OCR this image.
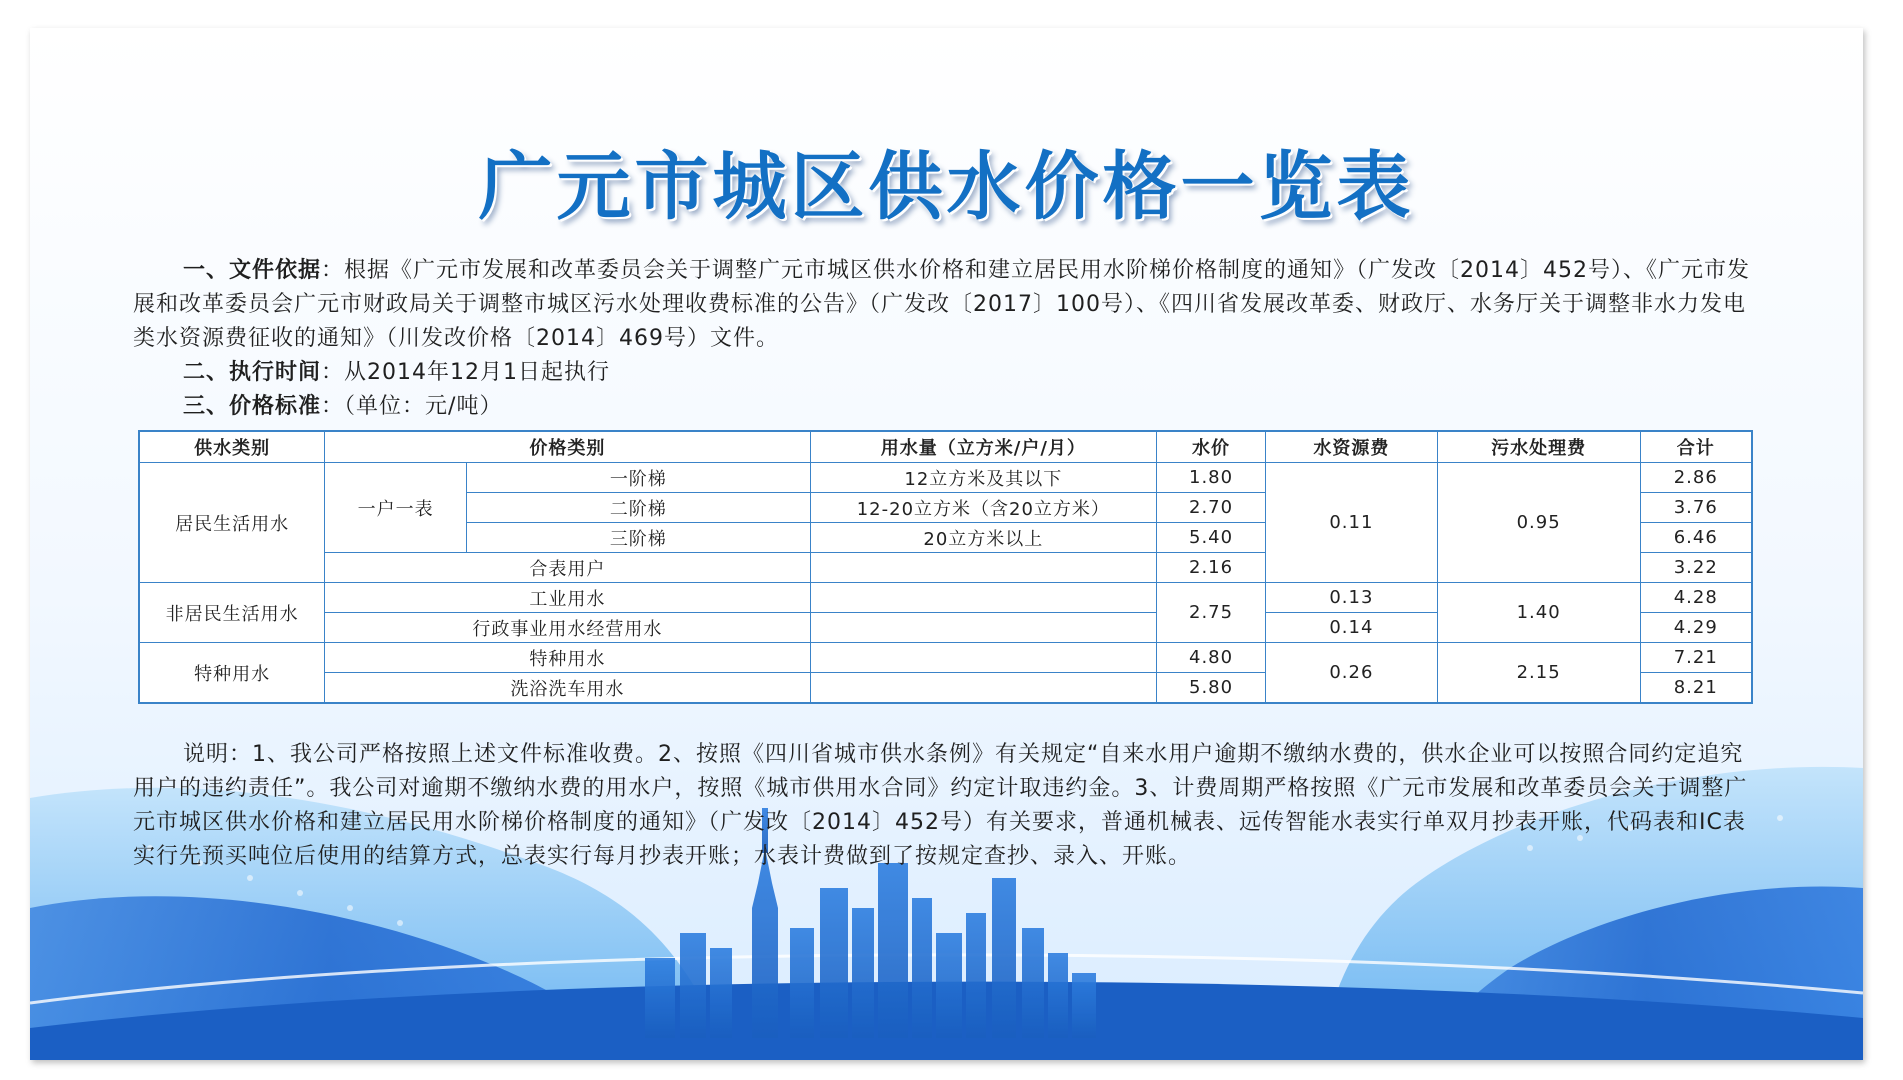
广元市城区供水价格一览表
一、文件依据：根据《广元市发展和改革委员会关于调整广元市城区供水价格和建立居民用水阶梯价格制度的通知》（广发改〔2014〕452号）、《广元市发展和改革委员会广元市财政局关于调整市城区污水处理收费标准的公告》（广发改〔2017〕100号）、《四川省发展改革委、财政厅、水务厅关于调整非水力发电类水资源费征收的通知》（川发改价格〔2014〕469号）文件。
二、执行时间：从2014年12月1日起执行
三、价格标准：（单位：元/吨）
供水类别	价格类别		用水量（立方米/户/月）	水价	水资源费	污水处理费	合计
居民生活用水	一户一表	一阶梯	12立方米及其以下	1.80	0.11	0.95	2.86
		二阶梯	12-20立方米（含20立方米）	2.70			3.76
		三阶梯	20立方米以上	5.40			6.46
	合表用户			2.16			3.22
非居民生活用水	工业用水			2.75	0.13	1.40	4.28
	行政事业用水经营用水				0.14		4.29
特种用水	特种用水			4.80	0.26	2.15	7.21
	洗浴洗车用水			5.80			8.21
说明：1、我公司严格按照上述文件标准收费。2、按照《四川省城市供水条例》有关规定“自来水用户逾期不缴纳水费的，供水企业可以按照合同约定追究用户的违约责任”。我公司对逾期不缴纳水费的用水户，按照《城市供用水合同》约定计取违约金。3、计费周期严格按照《广元市发展和改革委员会关于调整广元市城区供水价格和建立居民用水阶梯价格制度的通知》（广发改〔2014〕452号）有关要求，普通机械表、远传智能水表实行单双月抄表开账，代码表和IC表实行先预买吨位后使用的结算方式，总表实行每月抄表开账；水表计费做到了按规定查抄、录入、开账。
